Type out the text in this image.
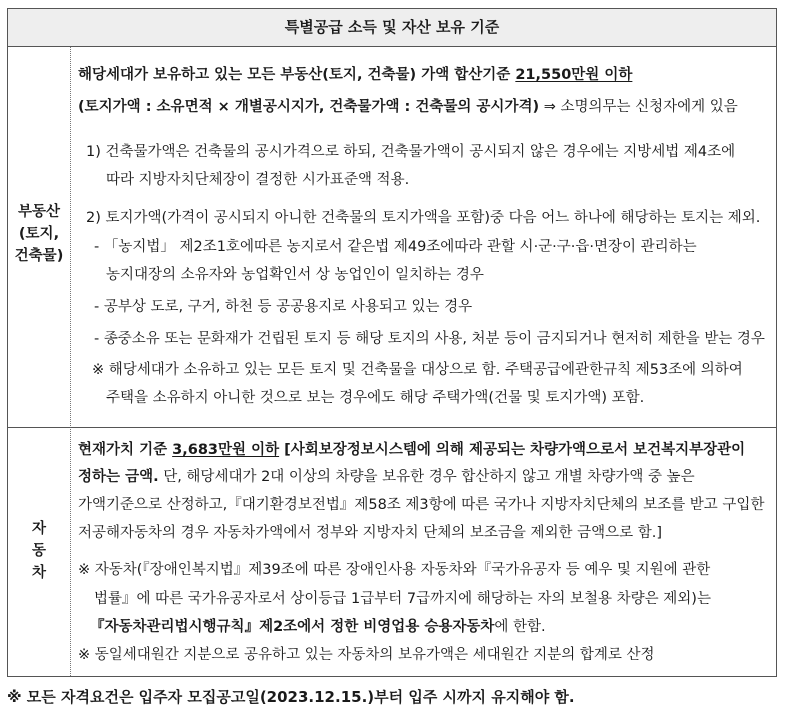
특별공급 소득 및 자산 보유 기준
부동산
(토지,
건축물)
해당세대가 보유하고 있는 모든 부동산(토지, 건축물) 가액 합산기준 21,550만원 이하
(토지가액 : 소유면적 × 개별공시지가, 건축물가액 : 건축물의 공시가격) ⇒ 소명의무는 신청자에게 있음
1) 건축물가액은 건축물의 공시가격으로 하되, 건축물가액이 공시되지 않은 경우에는 지방세법 제4조에
따라 지방자치단체장이 결정한 시가표준액 적용.
2) 토지가액(가격이 공시되지 아니한 건축물의 토지가액을 포함)중 다음 어느 하나에 해당하는 토지는 제외.
- 「농지법」 제2조1호에따른 농지로서 같은법 제49조에따라 관할 시·군·구·읍·면장이 관리하는
농지대장의 소유자와 농업확인서 상 농업인이 일치하는 경우
- 공부상 도로, 구거, 하천 등 공공용지로 사용되고 있는 경우
- 종중소유 또는 문화재가 건립된 토지 등 해당 토지의 사용, 처분 등이 금지되거나 현저히 제한을 받는 경우
※ 해당세대가 소유하고 있는 모든 토지 및 건축물을 대상으로 함. 주택공급에관한규칙 제53조에 의하여
주택을 소유하지 아니한 것으로 보는 경우에도 해당 주택가액(건물 및 토지가액) 포함.
자
동
차
현재가치 기준 3,683만원 이하 [사회보장정보시스템에 의해 제공되는 차량가액으로서 보건복지부장관이
정하는 금액. 단, 해당세대가 2대 이상의 차량을 보유한 경우 합산하지 않고 개별 차량가액 중 높은
가액기준으로 산정하고,『대기환경보전법』제58조 제3항에 따른 국가나 지방자치단체의 보조를 받고 구입한
저공해자동차의 경우 자동차가액에서 정부와 지방자치 단체의 보조금을 제외한 금액으로 함.]
※ 자동차(『장애인복지법』제39조에 따른 장애인사용 자동차와『국가유공자 등 예우 및 지원에 관한
법률』에 따른 국가유공자로서 상이등급 1급부터 7급까지에 해당하는 자의 보철용 차량은 제외)는
『자동차관리법시행규칙』제2조에서 정한 비영업용 승용자동차에 한함.
※ 동일세대원간 지분으로 공유하고 있는 자동차의 보유가액은 세대원간 지분의 합계로 산정
※ 모든 자격요건은 입주자 모집공고일(2023.12.15.)부터 입주 시까지 유지해야 함.
